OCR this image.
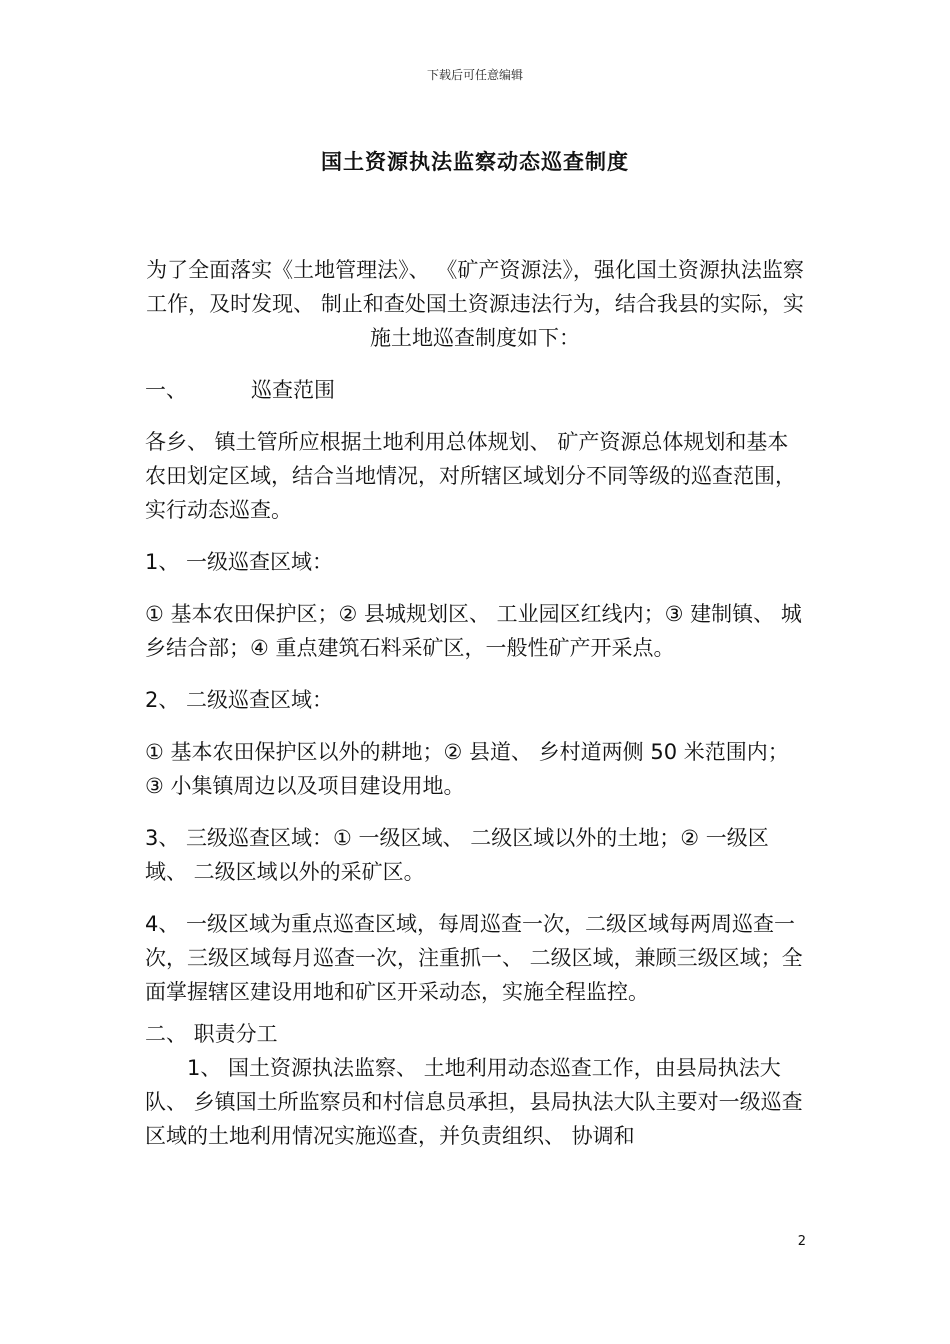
下载后可任意编辑
国土资源执法监察动态巡查制度

为了全面落实《土地管理法》、 《矿产资源法》，强化国土资源执法监察工作，及时发现、 制止和查处国土资源违法行为，结合我县的实际，实施土地巡查制度如下：

一、	巡查范围

各乡、 镇土管所应根据土地利用总体规划、 矿产资源总体规划和基本农田划定区域，结合当地情况，对所辖区域划分不同等级的巡查范围，实行动态巡查。

1、 一级巡查区域：

① 基本农田保护区；② 县城规划区、 工业园区红线内；③ 建制镇、 城乡结合部；④ 重点建筑石料采矿区，一般性矿产开采点。

2、 二级巡查区域：

① 基本农田保护区以外的耕地；② 县道、 乡村道两侧 50 米范围内；③ 小集镇周边以及项目建设用地。

3、 三级巡查区域：① 一级区域、 二级区域以外的土地；② 一级区域、 二级区域以外的采矿区。

4、 一级区域为重点巡查区域，每周巡查一次，二级区域每两周巡查一次，三级区域每月巡查一次，注重抓一、 二级区域，兼顾三级区域；全面掌握辖区建设用地和矿区开采动态，实施全程监控。

二、 职责分工

1、 国土资源执法监察、 土地利用动态巡查工作，由县局执法大队、 乡镇国土所监察员和村信息员承担，县局执法大队主要对一级巡查区域的土地利用情况实施巡查，并负责组织、 协调和

2
